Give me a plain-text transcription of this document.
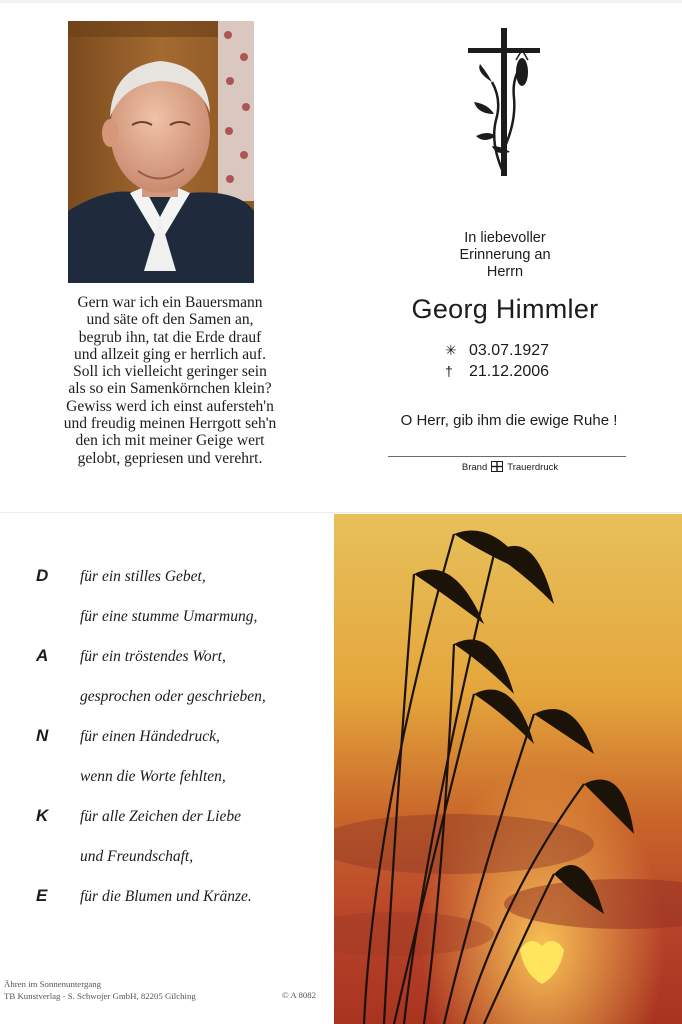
Gern war ich ein Bauersmann
und säte oft den Samen an,
begrub ihn, tat die Erde drauf
und allzeit ging er herrlich auf.
Soll ich vielleicht geringer sein
als so ein Samenkörnchen klein?
Gewiss werd ich einst aufersteh'n
und freudig meinen Herrgott seh'n
den ich mit meiner Geige wert
gelobt, gepriesen und verehrt.
In liebevoller
Erinnerung an
Herrn
Georg Himmler
✳ 03.07.1927
† 21.12.2006
O Herr, gib ihm die ewige Ruhe !
Brand Trauerdruck
D für ein stilles Gebet,
für eine stumme Umarmung,
A für ein tröstendes Wort,
gesprochen oder geschrieben,
N für einen Händedruck,
wenn die Worte fehlten,
K für alle Zeichen der Liebe
und Freundschaft,
E für die Blumen und Kränze.
Ähren im Sonnenuntergang
TB Kunstverlag - S. Schwojer GmbH, 82205 Gilching	© A 8082
